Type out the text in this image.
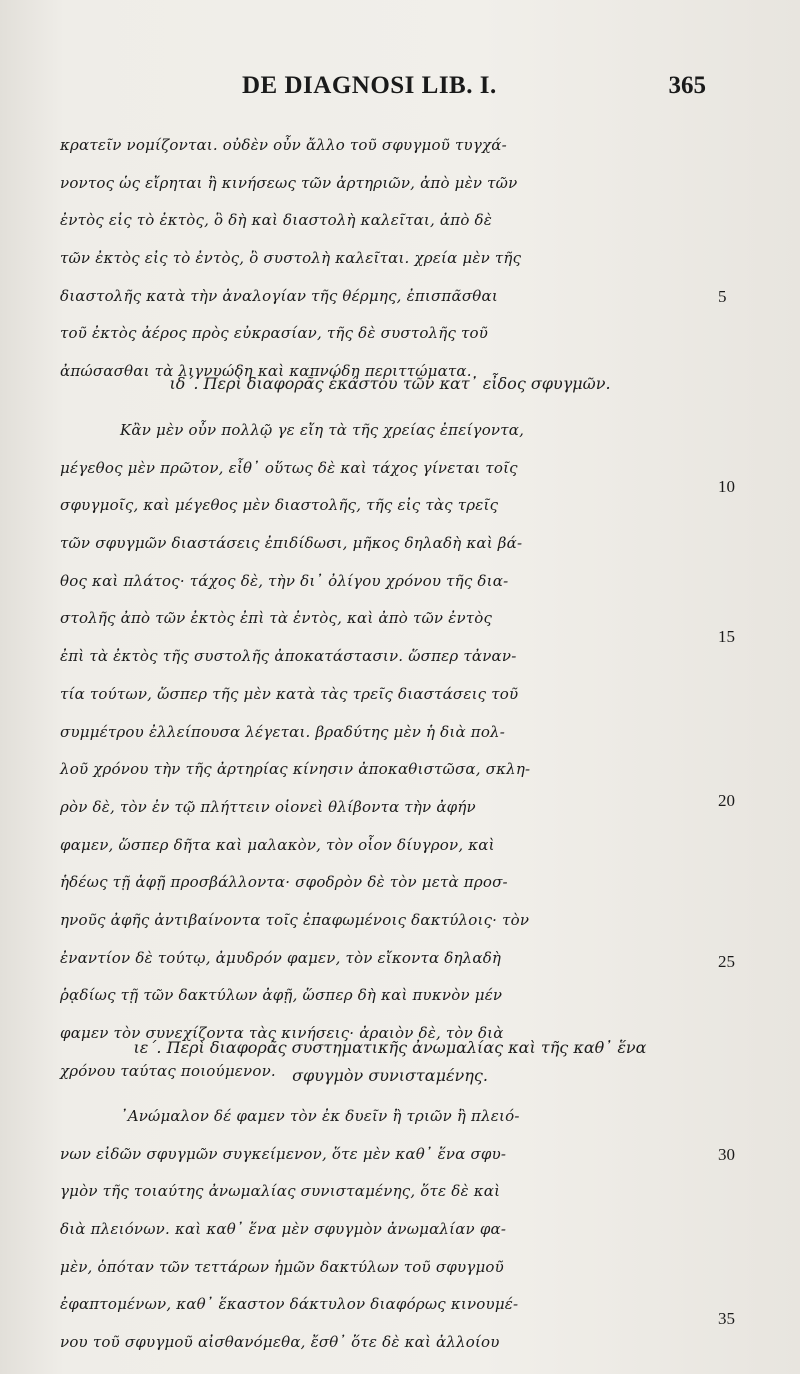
DE DIAGNOSI LIB. I.	365
κρατεῖν νομίζονται. οὐδὲν οὖν ἄλλο τοῦ σφυγμοῦ τυγχά-
νοντος ὡς εἴρηται ἢ κινήσεως τῶν ἀρτηριῶν, ἀπὸ μὲν τῶν
ἐντὸς εἰς τὸ ἐκτὸς, ὃ δὴ καὶ διαστολὴ καλεῖται, ἀπὸ δὲ
τῶν ἐκτὸς εἰς τὸ ἐντὸς, ὃ συστολὴ καλεῖται. χρεία μὲν τῆς
διαστολῆς κατὰ τὴν ἀναλογίαν τῆς θέρμης, ἐπισπᾶσθαι
τοῦ ἐκτὸς ἀέρος πρὸς εὐκρασίαν, τῆς δὲ συστολῆς τοῦ
ἀπώσασθαι τὰ λιγνυώδη καὶ καπνώδη περιττώματα.
ιδ΄. Περὶ διαφορᾶς ἑκάστου τῶν κατ᾽ εἶδος σφυγμῶν.
Κἂν μὲν οὖν πολλῷ γε εἴη τὰ τῆς χρείας ἐπείγοντα,
μέγεθος μὲν πρῶτον, εἶθ᾽ οὕτως δὲ καὶ τάχος γίνεται τοῖς
σφυγμοῖς, καὶ μέγεθος μὲν διαστολῆς, τῆς εἰς τὰς τρεῖς
τῶν σφυγμῶν διαστάσεις ἐπιδίδωσι, μῆκος δηλαδὴ καὶ βά-
θος καὶ πλάτος· τάχος δὲ, τὴν δι᾽ ὀλίγου χρόνου τῆς δια-
στολῆς ἀπὸ τῶν ἐκτὸς ἐπὶ τὰ ἐντὸς, καὶ ἀπὸ τῶν ἐντὸς
ἐπὶ τὰ ἐκτὸς τῆς συστολῆς ἀποκατάστασιν. ὥσπερ τἀναν-
τία τούτων, ὥσπερ τῆς μὲν κατὰ τὰς τρεῖς διαστάσεις τοῦ
συμμέτρου ἐλλείπουσα λέγεται. βραδύτης μὲν ἡ διὰ πολ-
λοῦ χρόνου τὴν τῆς ἀρτηρίας κίνησιν ἀποκαθιστῶσα, σκλη-
ρὸν δὲ, τὸν ἐν τῷ πλήττειν οἱονεὶ θλίβοντα τὴν ἀφήν
φαμεν, ὥσπερ δῆτα καὶ μαλακὸν, τὸν οἷον δίυγρον, καὶ
ἡδέως τῇ ἁφῇ προσβάλλοντα· σφοδρὸν δὲ τὸν μετὰ προσ-
ηνοῦς ἀφῆς ἀντιβαίνοντα τοῖς ἐπαφωμένοις δακτύλοις· τὸν
ἐναντίον δὲ τούτῳ, ἀμυδρόν φαμεν, τὸν εἴκοντα δηλαδὴ
ῥᾳδίως τῇ τῶν δακτύλων ἀφῇ, ὥσπερ δὴ καὶ πυκνὸν μέν
φαμεν τὸν συνεχίζοντα τὰς κινήσεις· ἀραιὸν δὲ, τὸν διὰ
χρόνου ταύτας ποιούμενον.
ιε΄. Περὶ διαφορᾶς συστηματικῆς ἀνωμαλίας καὶ τῆς καθ᾽ ἕνα
σφυγμὸν συνισταμένης.
᾽Ανώμαλον δέ φαμεν τὸν ἐκ δυεῖν ἢ τριῶν ἢ πλειό-
νων εἰδῶν σφυγμῶν συγκείμενον, ὅτε μὲν καθ᾽ ἕνα σφυ-
γμὸν τῆς τοιαύτης ἀνωμαλίας συνισταμένης, ὅτε δὲ καὶ
διὰ πλειόνων. καὶ καθ᾽ ἕνα μὲν σφυγμὸν ἀνωμαλίαν φα-
μὲν, ὁπόταν τῶν τεττάρων ἡμῶν δακτύλων τοῦ σφυγμοῦ
ἐφαπτομένων, καθ᾽ ἕκαστον δάκτυλον διαφόρως κινουμέ-
νου τοῦ σφυγμοῦ αἰσθανόμεθα, ἔσθ᾽ ὅτε δὲ καὶ ἀλλοίου
5
10
15
20
25
30
35
